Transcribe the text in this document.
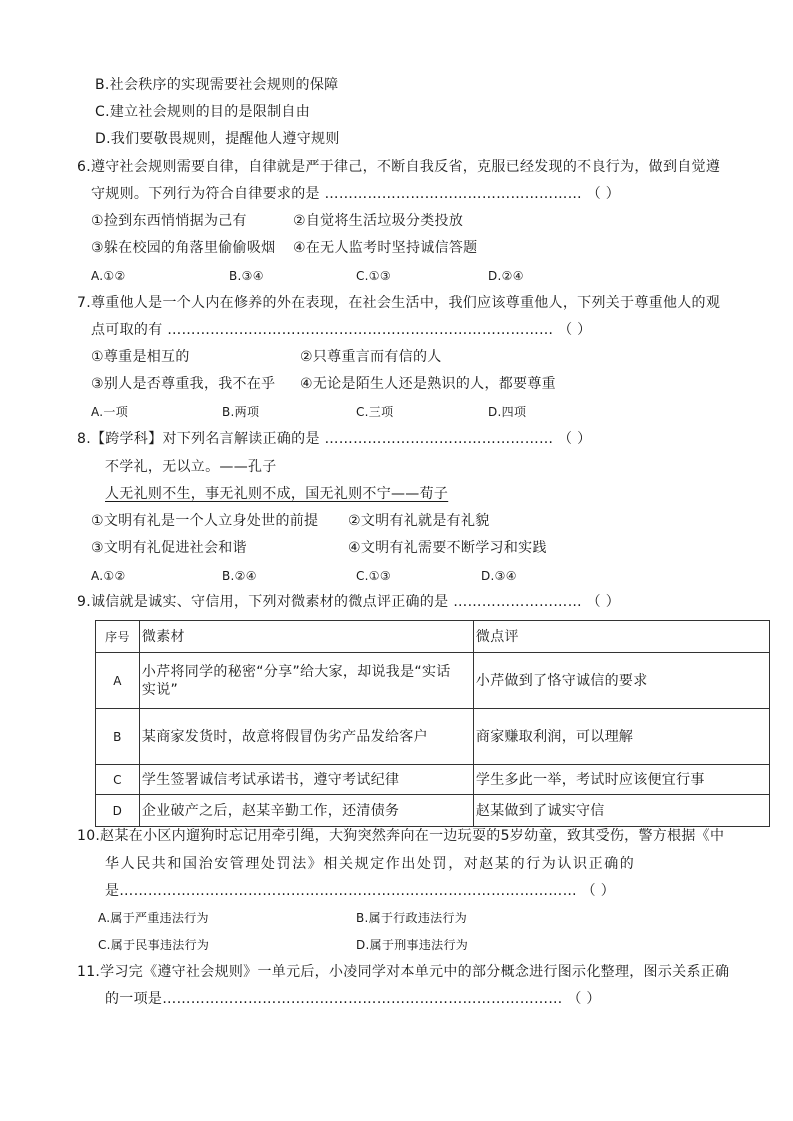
B.社会秩序的实现需要社会规则的保障
C.建立社会规则的目的是限制自由
D.我们要敬畏规则，提醒他人遵守规则
6.遵守社会规则需要自律，自律就是严于律己，不断自我反省，克服已经发现的不良行为，做到自觉遵
守规则。下列行为符合自律要求的是 ……………………………………………… （ ）
①捡到东西悄悄据为己有	②自觉将生活垃圾分类投放
③躲在校园的角落里偷偷吸烟 ④在无人监考时坚持诚信答题
A.①②	B.③④	C.①③	D.②④
7.尊重他人是一个人内在修养的外在表现，在社会生活中，我们应该尊重他人，下列关于尊重他人的观
点可取的有 ……………………………………………………………………… （ ）
①尊重是相互的	②只尊重言而有信的人
③别人是否尊重我，我不在乎 ④无论是陌生人还是熟识的人，都要尊重
A.一项	B.两项	C.三项	D.四项
8.【跨学科】对下列名言解读正确的是 ………………………………………… （ ）
不学礼，无以立。——孔子
人无礼则不生，事无礼则不成，国无礼则不宁——荀子
①文明有礼是一个人立身处世的前提 ②文明有礼就是有礼貌
③文明有礼促进社会和谐	④文明有礼需要不断学习和实践
A.①②	B.②④	C.①③	D.③④
9.诚信就是诚实、守信用，下列对微素材的微点评正确的是 ……………………… （ ）
序号	微素材	微点评
A	小芹将同学的秘密“分享”给大家，却说我是“实话
实说”	小芹做到了恪守诚信的要求
B	某商家发货时，故意将假冒伪劣产品发给客户	商家赚取利润，可以理解
C	学生签署诚信考试承诺书，遵守考试纪律	学生多此一举，考试时应该便宜行事
D	企业破产之后，赵某辛勤工作，还清债务	赵某做到了诚实守信
10.赵某在小区内遛狗时忘记用牵引绳，大狗突然奔向在一边玩耍的5岁幼童，致其受伤，警方根据《中
华人民共和国治安管理处罚法》相关规定作出处罚，对赵某的行为认识正确的
是…………………………………………………………………………………… （ ）
A.属于严重违法行为	B.属于行政违法行为
C.属于民事违法行为	D.属于刑事违法行为
11.学习完《遵守社会规则》一单元后，小凌同学对本单元中的部分概念进行图示化整理，图示关系正确
的一项是………………………………………………………………………… （ ）
